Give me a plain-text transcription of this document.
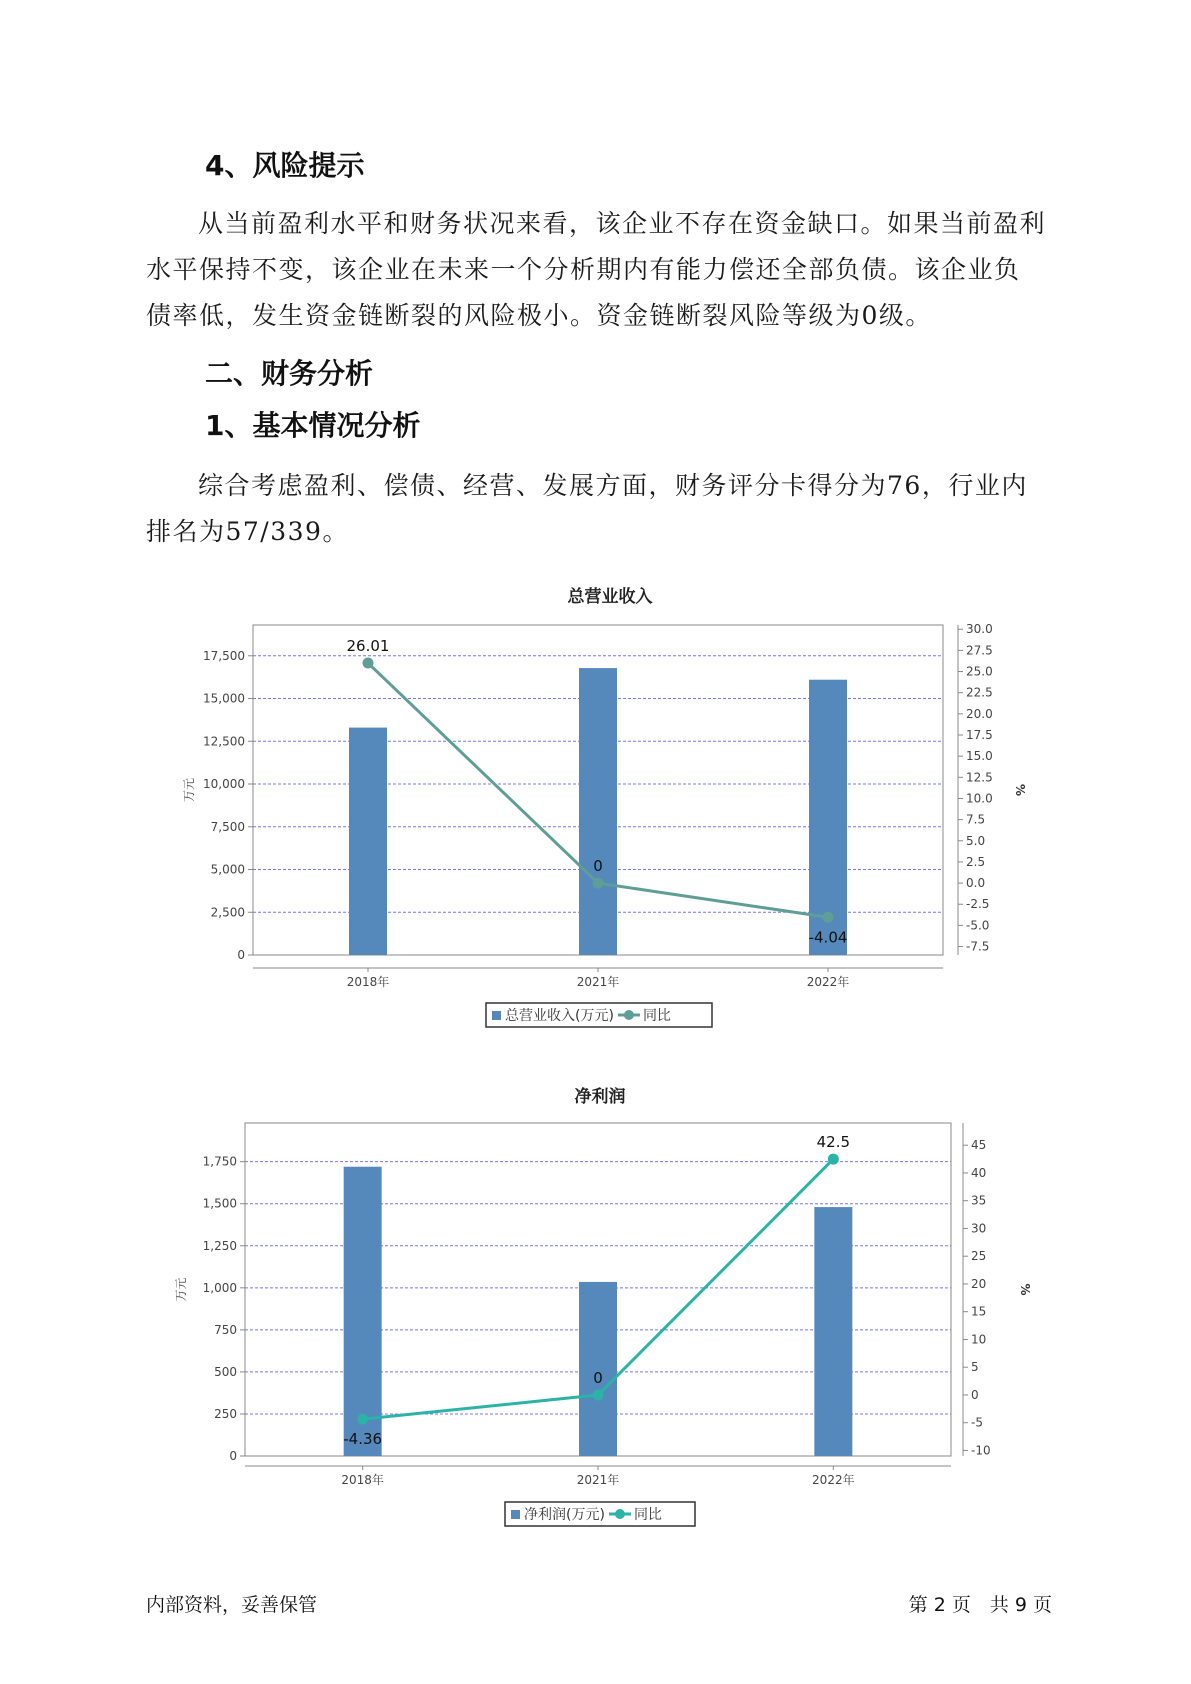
4、风险提示
从当前盈利水平和财务状况来看，该企业不存在资金缺口。如果当前盈利水平保持不变，该企业在未来一个分析期内有能力偿还全部负债。该企业负债率低，发生资金链断裂的风险极小。资金链断裂风险等级为0级。
二、财务分析
1、基本情况分析
综合考虑盈利、偿债、经营、发展方面，财务评分卡得分为76，行业内排名为57/339。
总营业收入
0
2,500
5,000
7,500
10,000
12,500
15,000
17,500
-7.5
-5.0
-2.5
0.0
2.5
5.0
7.5
10.0
12.5
15.0
17.5
20.0
22.5
25.0
27.5
30.0
万元	%
2018年	2021年	2022年
26.01
0
-4.04
总营业收入(万元) 同比
净利润
0
250
500
750
1,000
1,250
1,500
1,750
-10
-5
0
5
10
15
20
25
30
35
40
45
万元	%
2018年	2021年	2022年
-4.36
0
42.5
净利润(万元) 同比
内部资料，妥善保管	第 2 页　共 9 页
